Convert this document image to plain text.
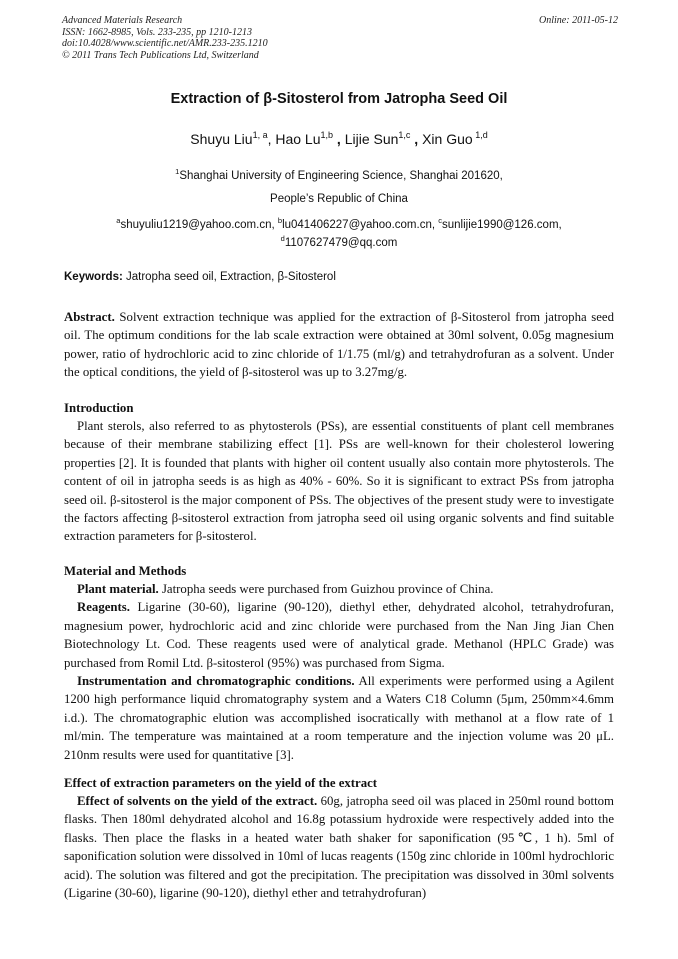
Advanced Materials Research
ISSN: 1662-8985, Vols. 233-235, pp 1210-1213
doi:10.4028/www.scientific.net/AMR.233-235.1210
© 2011 Trans Tech Publications Ltd, Switzerland
Online: 2011-05-12
Extraction of β-Sitosterol from Jatropha Seed Oil
Shuyu Liu$^{1, a}$, Hao Lu$^{1,b}$ , Lijie Sun$^{1,c}$ , Xin Guo $^{1,d}$
$^1$Shanghai University of Engineering Science, Shanghai 201620,
People’s Republic of China
$^a$shuyuliu1219@yahoo.com.cn, $^b$lu041406227@yahoo.com.cn, $^c$sunlijie1990@126.com,
$^d$1107627479@qq.com
Keywords: Jatropha seed oil, Extraction, β-Sitosterol

Abstract. Solvent extraction technique was applied for the extraction of β-Sitosterol from jatropha seed oil. The optimum conditions for the lab scale extraction were obtained at 30ml solvent, 0.05g magnesium power, ratio of hydrochloric acid to zinc chloride of 1/1.75 (ml/g) and tetrahydrofuran as a solvent. Under the optical conditions, the yield of β-sitosterol was up to 3.27mg/g.

Introduction

Plant sterols, also referred to as phytosterols (PSs), are essential constituents of plant cell membranes because of their membrane stabilizing effect [1]. PSs are well-known for their cholesterol lowering properties [2]. It is founded that plants with higher oil content usually also contain more phytosterols. The content of oil in jatropha seeds is as high as 40% - 60%. So it is significant to extract PSs from jatropha seed oil. β-sitosterol is the major component of PSs. The objectives of the present study were to investigate the factors affecting β-sitosterol extraction from jatropha seed oil using organic solvents and find suitable extraction parameters for β-sitosterol.

Material and Methods

Plant material. Jatropha seeds were purchased from Guizhou province of China.

Reagents. Ligarine (30-60), ligarine (90-120), diethyl ether, dehydrated alcohol, tetrahydrofuran, magnesium power, hydrochloric acid and zinc chloride were purchased from the Nan Jing Jian Chen Biotechnology Lt. Cod. These reagents used were of analytical grade. Methanol (HPLC Grade) was purchased from Romil Ltd. β-sitosterol (95%) was purchased from Sigma.

Instrumentation and chromatographic conditions. All experiments were performed using a Agilent 1200 high performance liquid chromatography system and a Waters C18 Column (5μm, 250mm×4.6mm i.d.). The chromatographic elution was accomplished isocratically with methanol at a flow rate of 1 ml/min. The temperature was maintained at a room temperature and the injection volume was 20 μL. 210nm results were used for quantitative [3].

Effect of extraction parameters on the yield of the extract

Effect of solvents on the yield of the extract. 60g, jatropha seed oil was placed in 250ml round bottom flasks. Then 180ml dehydrated alcohol and 16.8g potassium hydroxide were respectively added into the flasks. Then place the flasks in a heated water bath shaker for saponification (95℃, 1 h). 5ml of saponification solution were dissolved in 10ml of lucas reagents (150g zinc chloride in 100ml hydrochloric acid). The solution was filtered and got the precipitation. The precipitation was dissolved in 30ml solvents (Ligarine (30-60), ligarine (90-120), diethyl ether and tetrahydrofuran)
